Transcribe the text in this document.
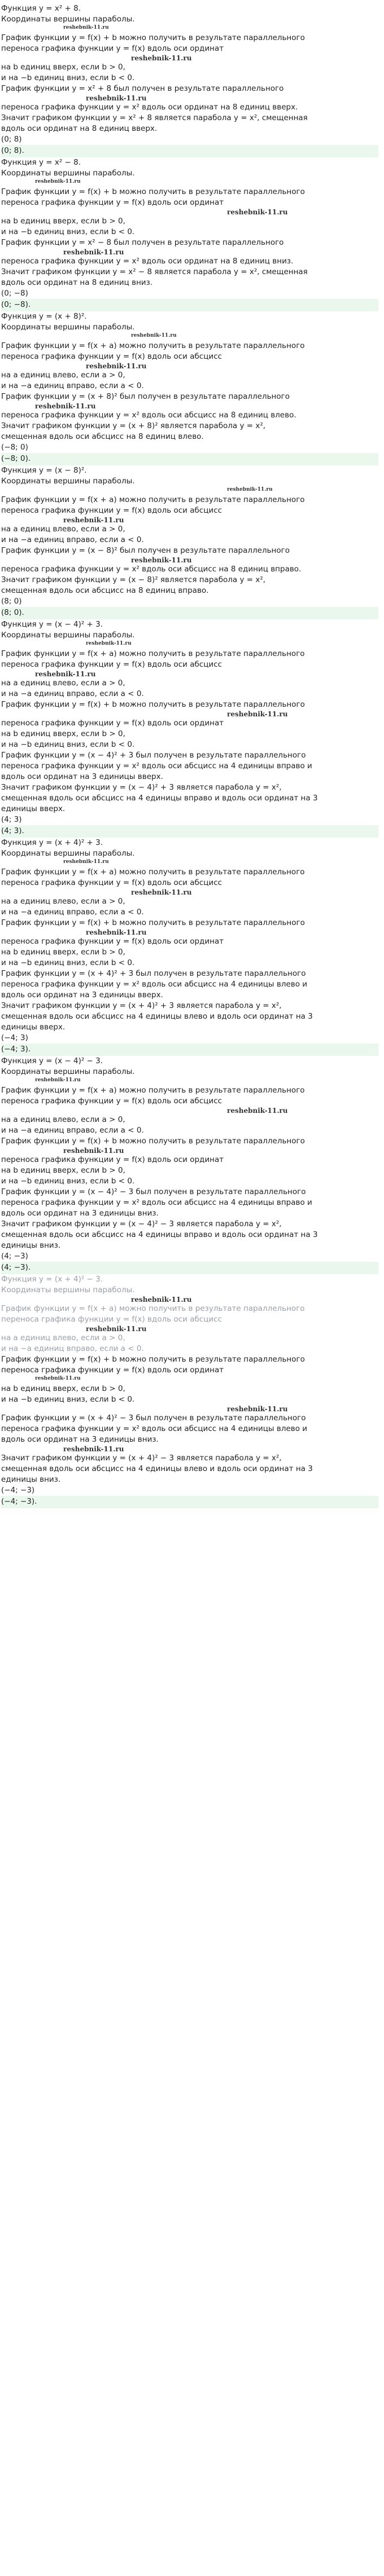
Функция y = x² + 8.

Координаты вершины параболы.

reshebnik-11.ru

График функции y = f(x) + b можно получить в результате параллельного

переноса графика функции y = f(x) вдоль оси ординат

reshebnik-11.ru

на b единиц вверх, если b > 0,

и на −b единиц вниз, если b < 0.

График функции y = x² + 8 был получен в результате параллельного

reshebnik-11.ru

переноса графика функции y = x² вдоль оси ординат на 8 единиц вверх.

Значит графиком функции y = x² + 8 является парабола y = x², смещенная

вдоль оси ординат на 8 единиц вверх.

(0; 8)

(0; 8).

Функция y = x² − 8.

Координаты вершины параболы.

reshebnik-11.ru

График функции y = f(x) + b можно получить в результате параллельного

переноса графика функции y = f(x) вдоль оси ординат

reshebnik-11.ru

на b единиц вверх, если b > 0,

и на −b единиц вниз, если b < 0.

График функции y = x² − 8 был получен в результате параллельного

reshebnik-11.ru

переноса графика функции y = x² вдоль оси ординат на 8 единиц вниз.

Значит графиком функции y = x² − 8 является парабола y = x², смещенная

вдоль оси ординат на 8 единиц вниз.

(0; −8)

(0; −8).

Функция y = (x + 8)².

Координаты вершины параболы.

reshebnik-11.ru

График функции y = f(x + a) можно получить в результате параллельного

переноса графика функции y = f(x) вдоль оси абсцисс

reshebnik-11.ru

на a единиц влево, если a > 0,

и на −a единиц вправо, если a < 0.

График функции y = (x + 8)² был получен в результате параллельного

reshebnik-11.ru

переноса графика функции y = x² вдоль оси абсцисс на 8 единиц влево.

Значит графиком функции y = (x + 8)² является парабола y = x²,

смещенная вдоль оси абсцисс на 8 единиц влево.

(−8; 0)

(−8; 0).

Функция y = (x − 8)².

Координаты вершины параболы.

reshebnik-11.ru

График функции y = f(x + a) можно получить в результате параллельного

переноса графика функции y = f(x) вдоль оси абсцисс

reshebnik-11.ru

на a единиц влево, если a > 0,

и на −a единиц вправо, если a < 0.

График функции y = (x − 8)² был получен в результате параллельного

reshebnik-11.ru

переноса графика функции y = x² вдоль оси абсцисс на 8 единиц вправо.

Значит графиком функции y = (x − 8)² является парабола y = x²,

смещенная вдоль оси абсцисс на 8 единиц вправо.

(8; 0)

(8; 0).

Функция y = (x − 4)² + 3.

Координаты вершины параболы.

reshebnik-11.ru

График функции y = f(x + a) можно получить в результате параллельного

переноса графика функции y = f(x) вдоль оси абсцисс

reshebnik-11.ru

на a единиц влево, если a > 0,

и на −a единиц вправо, если a < 0.

График функции y = f(x) + b можно получить в результате параллельного

reshebnik-11.ru

переноса графика функции y = f(x) вдоль оси ординат

на b единиц вверх, если b > 0,

и на −b единиц вниз, если b < 0.

График функции y = (x − 4)² + 3 был получен в результате параллельного

переноса графика функции y = x² вдоль оси абсцисс на 4 единицы вправо и

вдоль оси ординат на 3 единицы вверх.

Значит графиком функции y = (x − 4)² + 3 является парабола y = x²,

смещенная вдоль оси абсцисс на 4 единицы вправо и вдоль оси ординат на 3

единицы вверх.

(4; 3)

(4; 3).

Функция y = (x + 4)² + 3.

Координаты вершины параболы.

reshebnik-11.ru

График функции y = f(x + a) можно получить в результате параллельного

переноса графика функции y = f(x) вдоль оси абсцисс

reshebnik-11.ru

на a единиц влево, если a > 0,

и на −a единиц вправо, если a < 0.

График функции y = f(x) + b можно получить в результате параллельного

reshebnik-11.ru

переноса графика функции y = f(x) вдоль оси ординат

на b единиц вверх, если b > 0,

и на −b единиц вниз, если b < 0.

График функции y = (x + 4)² + 3 был получен в результате параллельного

переноса графика функции y = x² вдоль оси абсцисс на 4 единицы влево и

вдоль оси ординат на 3 единицы вверх.

Значит графиком функции y = (x + 4)² + 3 является парабола y = x²,

смещенная вдоль оси абсцисс на 4 единицы влево и вдоль оси ординат на 3

единицы вверх.

(−4; 3)

(−4; 3).

Функция y = (x − 4)² − 3.

Координаты вершины параболы.

reshebnik-11.ru

График функции y = f(x + a) можно получить в результате параллельного

переноса графика функции y = f(x) вдоль оси абсцисс

reshebnik-11.ru

на a единиц влево, если a > 0,

и на −a единиц вправо, если a < 0.

График функции y = f(x) + b можно получить в результате параллельного

reshebnik-11.ru

переноса графика функции y = f(x) вдоль оси ординат

на b единиц вверх, если b > 0,

и на −b единиц вниз, если b < 0.

График функции y = (x − 4)² − 3 был получен в результате параллельного

переноса графика функции y = x² вдоль оси абсцисс на 4 единицы вправо и

вдоль оси ординат на 3 единицы вниз.

Значит графиком функции y = (x − 4)² − 3 является парабола y = x²,

смещенная вдоль оси абсцисс на 4 единицы вправо и вдоль оси ординат на 3

единицы вниз.

(4; −3)

(4; −3).

Функция y = (x + 4)² − 3.

Координаты вершины параболы.

reshebnik-11.ru

График функции y = f(x + a) можно получить в результате параллельного

переноса графика функции y = f(x) вдоль оси абсцисс

reshebnik-11.ru

на a единиц влево, если a > 0,

и на −a единиц вправо, если a < 0.

График функции y = f(x) + b можно получить в результате параллельного

переноса графика функции y = f(x) вдоль оси ординат

reshebnik-11.ru

на b единиц вверх, если b > 0,

и на −b единиц вниз, если b < 0.

reshebnik-11.ru

График функции y = (x + 4)² − 3 был получен в результате параллельного

переноса графика функции y = x² вдоль оси абсцисс на 4 единицы влево и

вдоль оси ординат на 3 единицы вниз.

reshebnik-11.ru

Значит графиком функции y = (x + 4)² − 3 является парабола y = x²,

смещенная вдоль оси абсцисс на 4 единицы влево и вдоль оси ординат на 3

единицы вниз.

(−4; −3)

(−4; −3).
